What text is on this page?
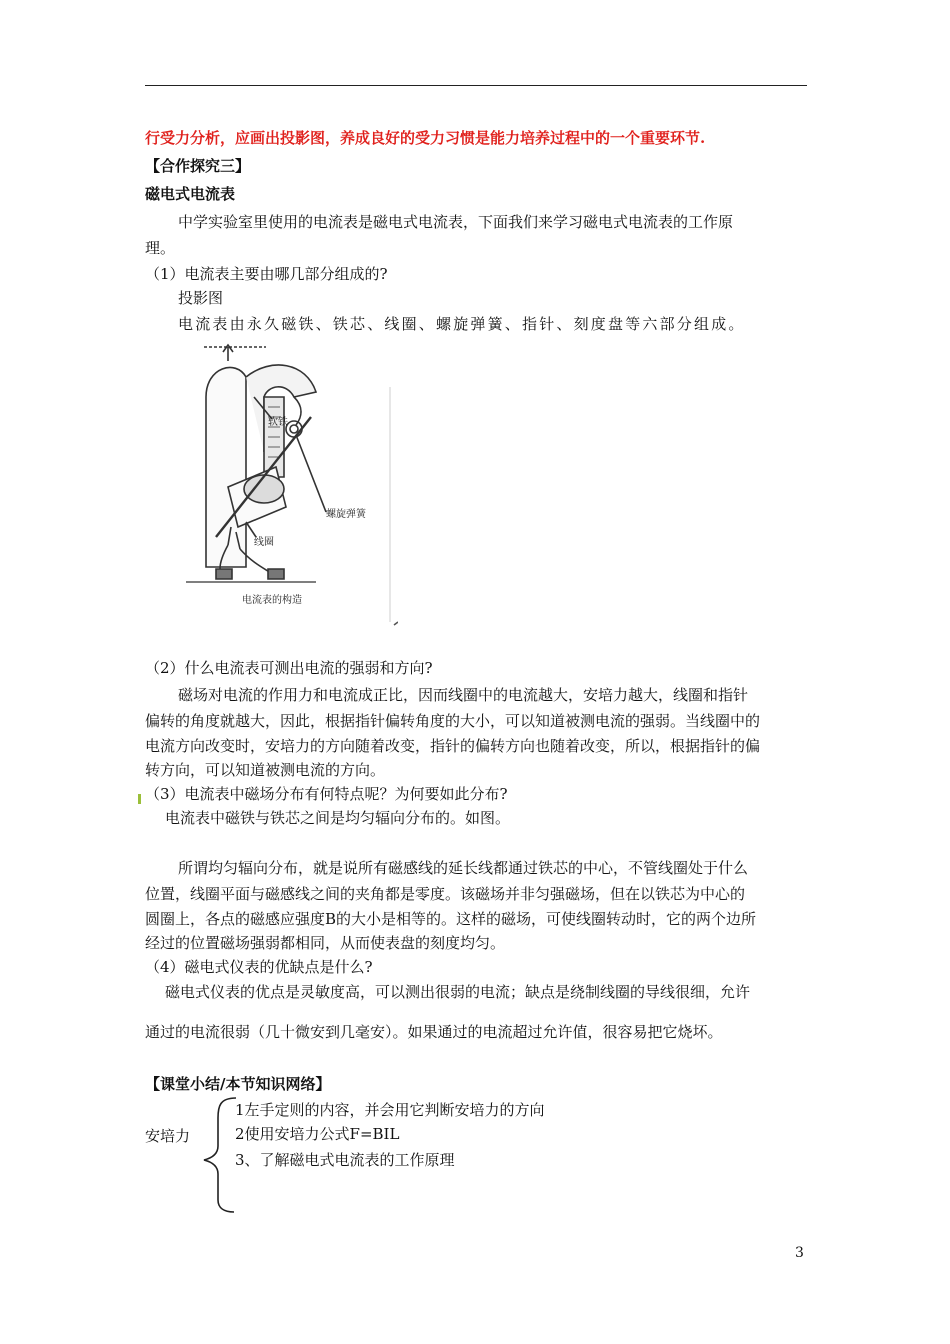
行受力分析，应画出投影图，养成良好的受力习惯是能力培养过程中的一个重要环节.
【合作探究三】
磁电式电流表
中学实验室里使用的电流表是磁电式电流表，下面我们来学习磁电式电流表的工作原
理。
（1）电流表主要由哪几部分组成的?
投影图
电流表由永久磁铁、铁芯、线圈、螺旋弹簧、指针、刻度盘等六部分组成。
软铁
螺旋弹簧
线圈
电流表的构造
（2）什么电流表可测出电流的强弱和方向?
磁场对电流的作用力和电流成正比，因而线圈中的电流越大，安培力越大，线圈和指针
偏转的角度就越大，因此，根据指针偏转角度的大小，可以知道被测电流的强弱。当线圈中的
电流方向改变时，安培力的方向随着改变，指针的偏转方向也随着改变，所以，根据指针的偏
转方向，可以知道被测电流的方向。
（3）电流表中磁场分布有何特点呢？为何要如此分布?
电流表中磁铁与铁芯之间是均匀辐向分布的。如图。
所谓均匀辐向分布，就是说所有磁感线的延长线都通过铁芯的中心，不管线圈处于什么
位置，线圈平面与磁感线之间的夹角都是零度。该磁场并非匀强磁场，但在以铁芯为中心的
圆圈上，各点的磁感应强度B的大小是相等的。这样的磁场，可使线圈转动时，它的两个边所
经过的位置磁场强弱都相同，从而使表盘的刻度均匀。
（4）磁电式仪表的优缺点是什么?
磁电式仪表的优点是灵敏度高，可以测出很弱的电流；缺点是绕制线圈的导线很细，允许
通过的电流很弱（几十微安到几毫安）。如果通过的电流超过允许值，很容易把它烧坏。
【课堂小结/本节知识网络】
安培力
1左手定则的内容，并会用它判断安培力的方向
2使用安培力公式F=BIL
3、了解磁电式电流表的工作原理
3
